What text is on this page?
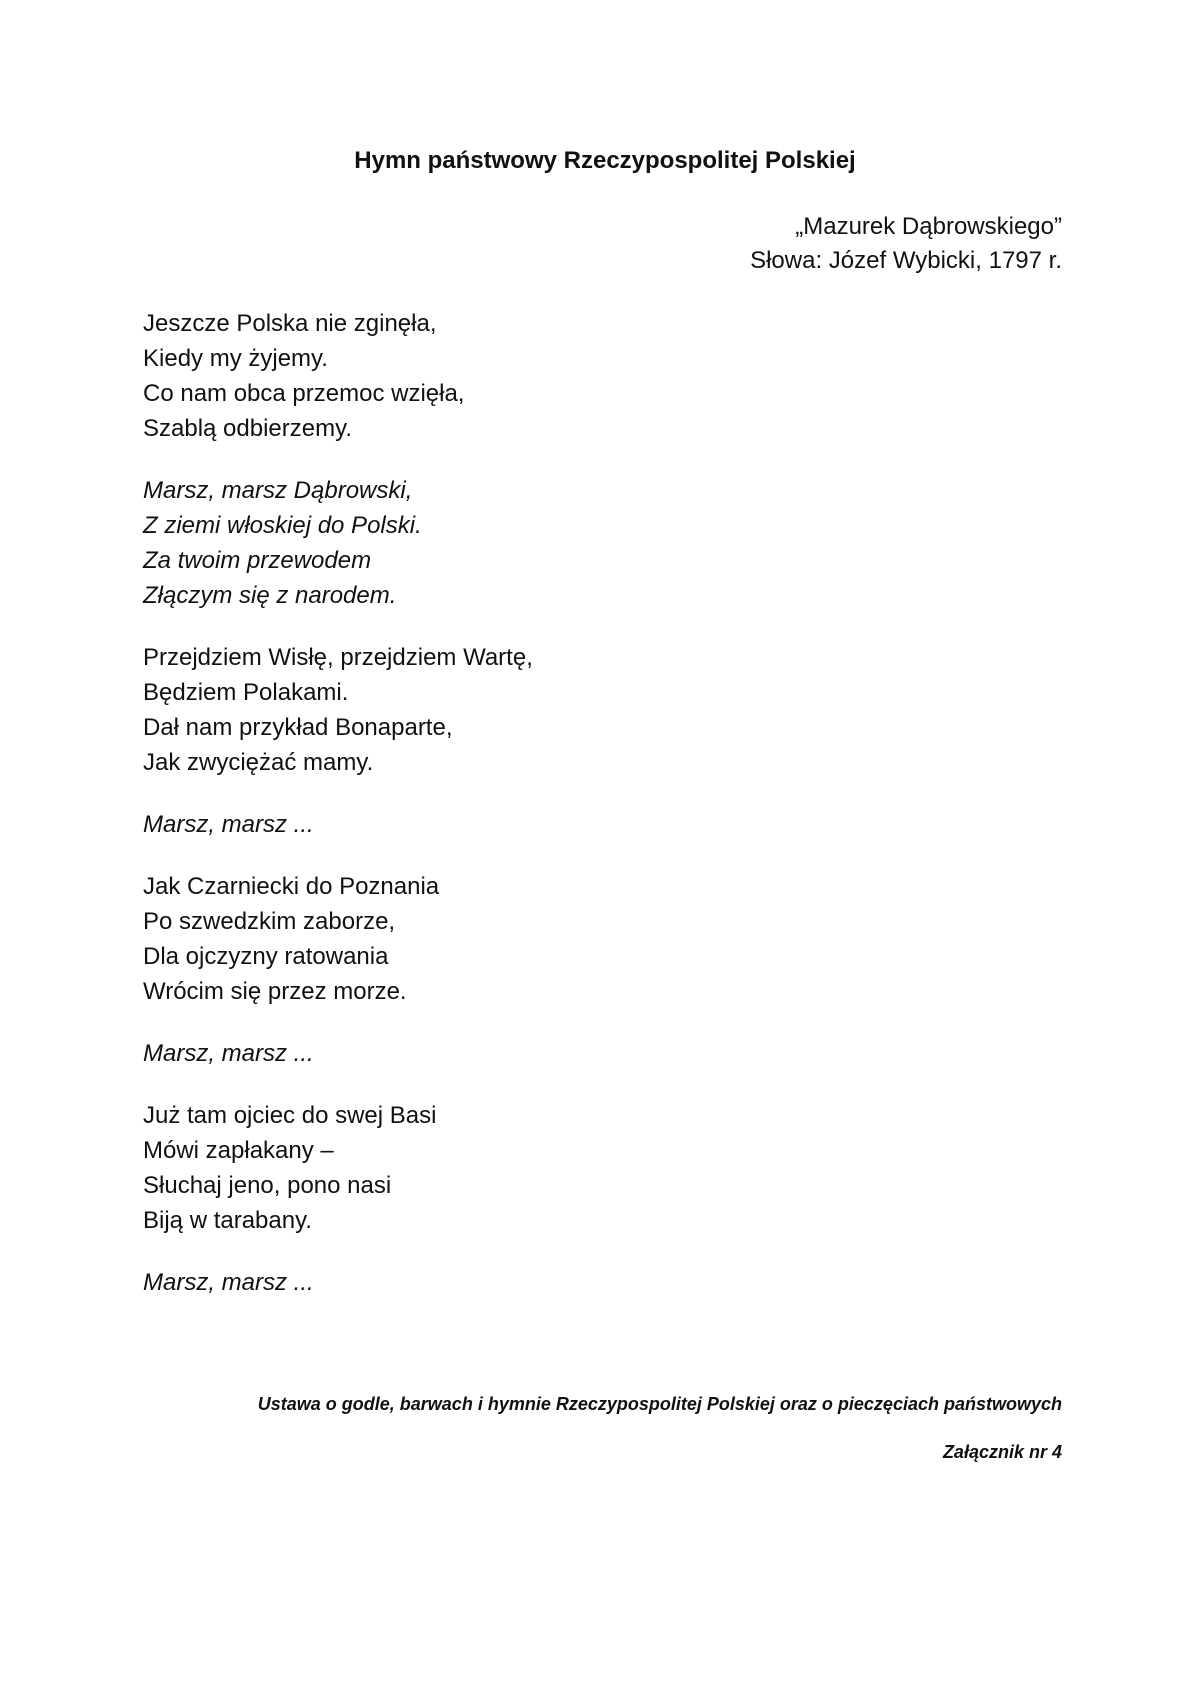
Hymn państwowy Rzeczypospolitej Polskiej
„Mazurek Dąbrowskiego”
Słowa: Józef Wybicki, 1797 r.
Jeszcze Polska nie zginęła,
Kiedy my żyjemy.
Co nam obca przemoc wzięła,
Szablą odbierzemy.
Marsz, marsz Dąbrowski,
Z ziemi włoskiej do Polski.
Za twoim przewodem
Złączym się z narodem.
Przejdziem Wisłę, przejdziem Wartę,
Będziem Polakami.
Dał nam przykład Bonaparte,
Jak zwyciężać mamy.
Marsz, marsz ...
Jak Czarniecki do Poznania
Po szwedzkim zaborze,
Dla ojczyzny ratowania
Wrócim się przez morze.
Marsz, marsz ...
Już tam ojciec do swej Basi
Mówi zapłakany –
Słuchaj jeno, pono nasi
Biją w tarabany.
Marsz, marsz ...
Ustawa o godle, barwach i hymnie Rzeczypospolitej Polskiej oraz o pieczęciach państwowych
Załącznik nr 4
